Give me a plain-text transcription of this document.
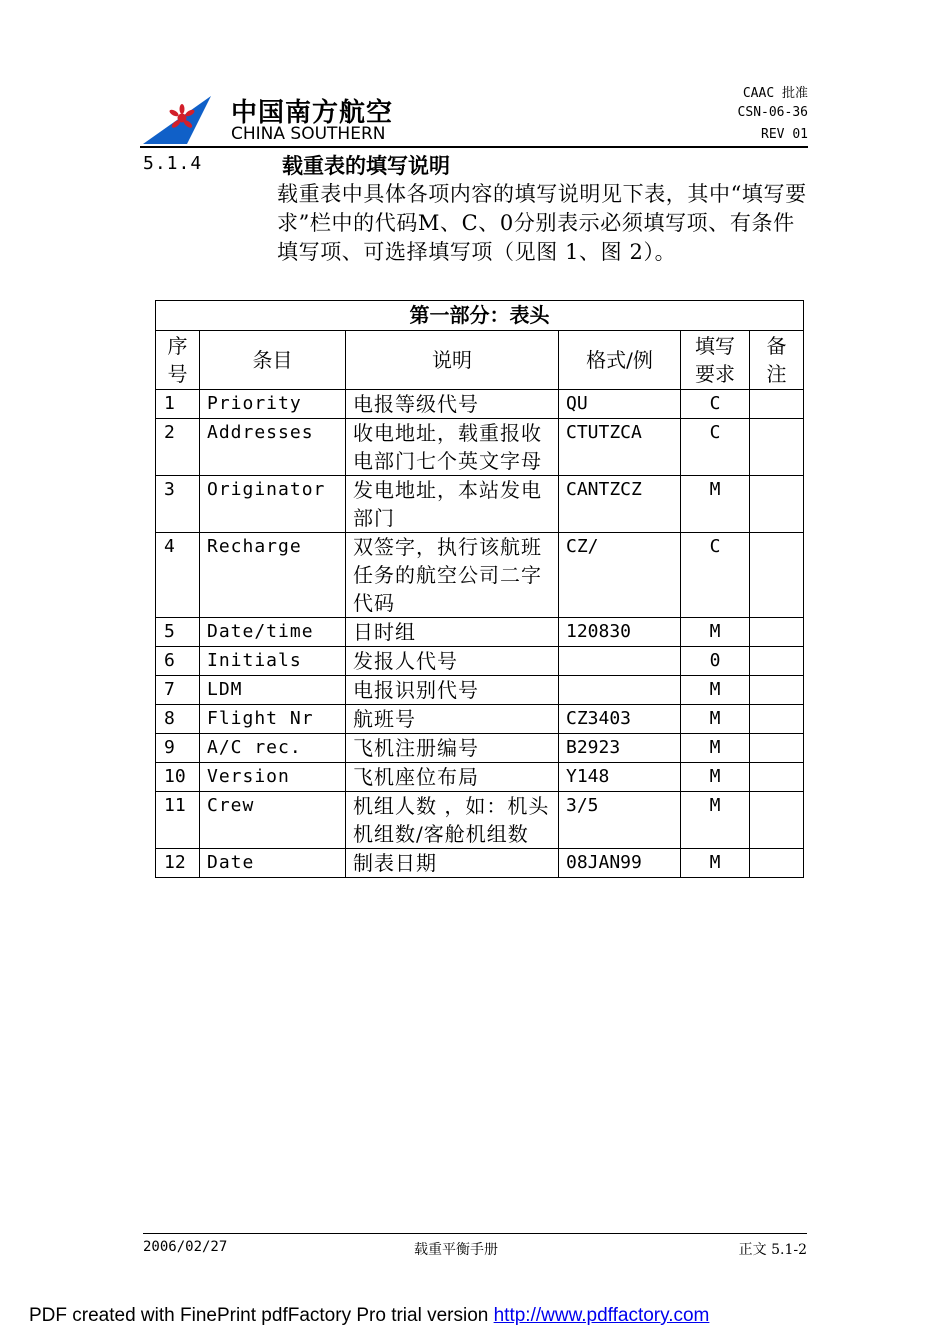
中国南方航空
CHINA SOUTHERN
CAAC 批准
CSN-06-36
REV 01
5.1.4	载重表的填写说明
载重表中具体各项内容的填写说明见下表，其中“填写要求”栏中的代码M、C、0分别表示必须填写项、有条件填写项、可选择填写项（见图 1、图 2）。
第一部分：表头					
序号	条目	说明	格式/例	填写要求	备注
1	Priority	电报等级代号	QU	C	
2	Addresses	收电地址，载重报收电部门七个英文字母	CTUTZCA	C	
3	Originator	发电地址，本站发电部门	CANTZCZ	M	
4	Recharge	双签字，执行该航班任务的航空公司二字代码	CZ/	C	
5	Date/time	日时组	120830	M	
6	Initials	发报人代号		0	
7	LDM	电报识别代号		M	
8	Flight Nr	航班号	CZ3403	M	
9	A/C rec.	飞机注册编号	B2923	M	
10	Version	飞机座位布局	Y148	M	
11	Crew	机组人数 ，如：机头机组数/客舱机组数	3/5	M	
12	Date	制表日期	08JAN99	M	
2006/02/27	载重平衡手册	正文 5.1-2
PDF created with FinePrint pdfFactory Pro trial version http://www.pdffactory.com
